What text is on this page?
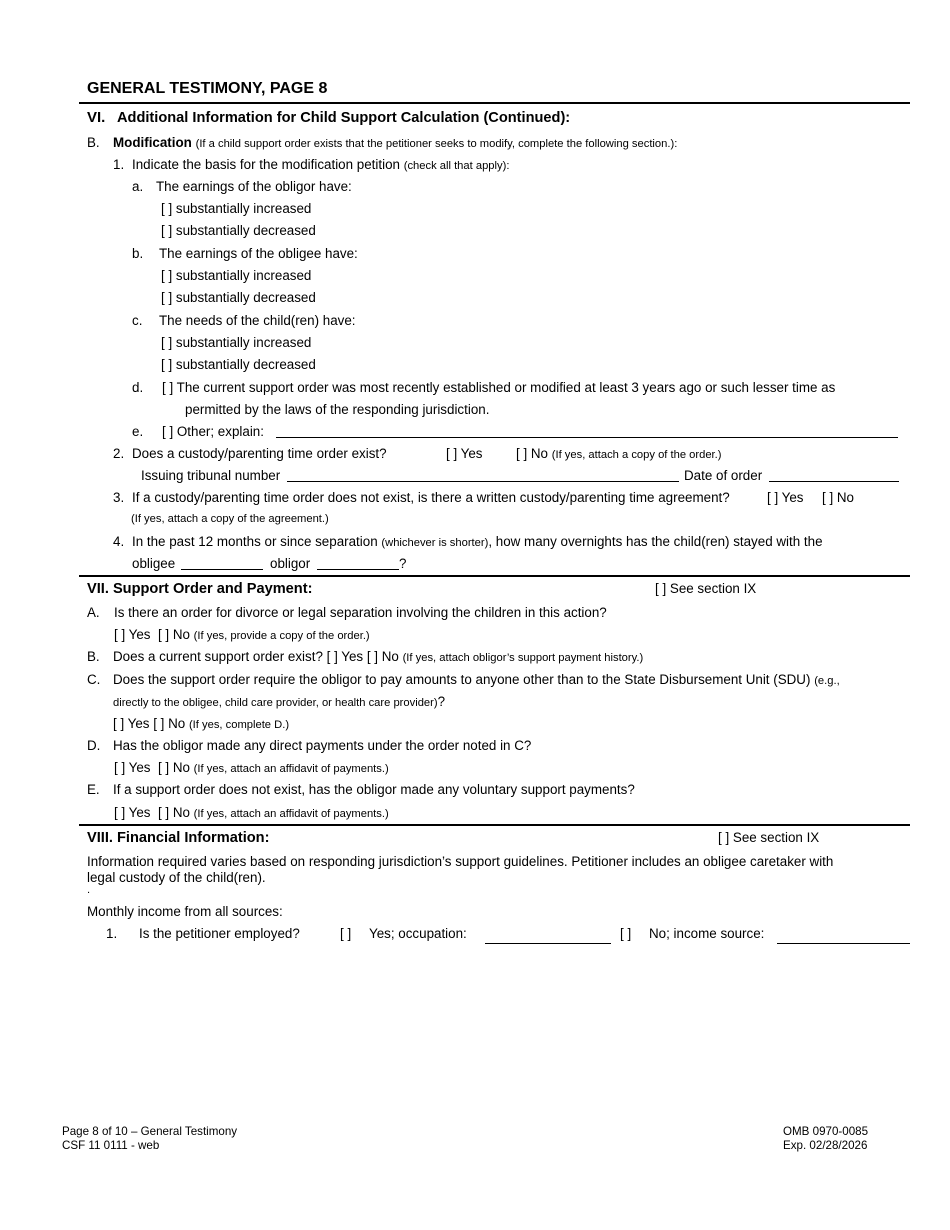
GENERAL TESTIMONY, PAGE 8
VI. Additional Information for Child Support Calculation (Continued):
B. Modification (If a child support order exists that the petitioner seeks to modify, complete the following section.):
1. Indicate the basis for the modification petition (check all that apply):
a. The earnings of the obligor have:
[ ] substantially increased
[ ] substantially decreased
b. The earnings of the obligee have:
[ ] substantially increased
[ ] substantially decreased
c. The needs of the child(ren) have:
[ ] substantially increased
[ ] substantially decreased
d. [ ] The current support order was most recently established or modified at least 3 years ago or such lesser time as
permitted by the laws of the responding jurisdiction.
e. [ ] Other; explain:
2. Does a custody/parenting time order exist?	[ ] Yes	[ ] No (If yes, attach a copy of the order.)
Issuing tribunal number	Date of order
3. If a custody/parenting time order does not exist, is there a written custody/parenting time agreement?	[ ] Yes [ ] No
(If yes, attach a copy of the agreement.)
4. In the past 12 months or since separation (whichever is shorter), how many overnights has the child(ren) stayed with the
obligee	obligor	?
VII. Support Order and Payment:	[ ] See section IX
A. Is there an order for divorce or legal separation involving the children in this action?
[ ] Yes [ ] No (If yes, provide a copy of the order.)
B. Does a current support order exist? [ ] Yes [ ] No (If yes, attach obligor’s support payment history.)
C. Does the support order require the obligor to pay amounts to anyone other than to the State Disbursement Unit (SDU) (e.g.,
directly to the obligee, child care provider, or health care provider)?
[ ] Yes [ ] No (If yes, complete D.)
D. Has the obligor made any direct payments under the order noted in C?
[ ] Yes [ ] No (If yes, attach an affidavit of payments.)
E. If a support order does not exist, has the obligor made any voluntary support payments?
[ ] Yes [ ] No (If yes, attach an affidavit of payments.)
VIII. Financial Information:	[ ] See section IX
Information required varies based on responding jurisdiction’s support guidelines. Petitioner includes an obligee caretaker with
legal custody of the child(ren).
.
Monthly income from all sources:
1. Is the petitioner employed?	[ ] Yes; occupation:	[ ] No; income source:
Page 8 of 10 – General Testimony
CSF 11 0111 - web
OMB 0970-0085
Exp. 02/28/2026
